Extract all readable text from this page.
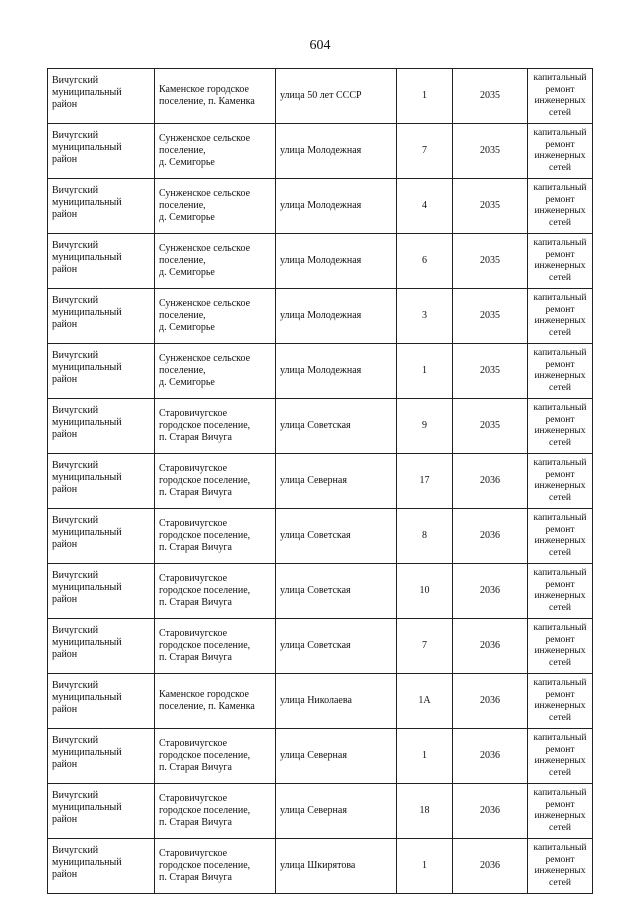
604
Вичугский
муниципальный
район	Каменское городское
поселение, п. Каменка	улица 50 лет СССР	1	2035	капитальный
ремонт
инженерных
сетей
Вичугский
муниципальный
район	Сунженское сельское
поселение,
д. Семигорье	улица Молодежная	7	2035	капитальный
ремонт
инженерных
сетей
Вичугский
муниципальный
район	Сунженское сельское
поселение,
д. Семигорье	улица Молодежная	4	2035	капитальный
ремонт
инженерных
сетей
Вичугский
муниципальный
район	Сунженское сельское
поселение,
д. Семигорье	улица Молодежная	6	2035	капитальный
ремонт
инженерных
сетей
Вичугский
муниципальный
район	Сунженское сельское
поселение,
д. Семигорье	улица Молодежная	3	2035	капитальный
ремонт
инженерных
сетей
Вичугский
муниципальный
район	Сунженское сельское
поселение,
д. Семигорье	улица Молодежная	1	2035	капитальный
ремонт
инженерных
сетей
Вичугский
муниципальный
район	Старовичугское
городское поселение,
п. Старая Вичуга	улица Советская	9	2035	капитальный
ремонт
инженерных
сетей
Вичугский
муниципальный
район	Старовичугское
городское поселение,
п. Старая Вичуга	улица Северная	17	2036	капитальный
ремонт
инженерных
сетей
Вичугский
муниципальный
район	Старовичугское
городское поселение,
п. Старая Вичуга	улица Советская	8	2036	капитальный
ремонт
инженерных
сетей
Вичугский
муниципальный
район	Старовичугское
городское поселение,
п. Старая Вичуга	улица Советская	10	2036	капитальный
ремонт
инженерных
сетей
Вичугский
муниципальный
район	Старовичугское
городское поселение,
п. Старая Вичуга	улица Советская	7	2036	капитальный
ремонт
инженерных
сетей
Вичугский
муниципальный
район	Каменское городское
поселение, п. Каменка	улица Николаева	1А	2036	капитальный
ремонт
инженерных
сетей
Вичугский
муниципальный
район	Старовичугское
городское поселение,
п. Старая Вичуга	улица Северная	1	2036	капитальный
ремонт
инженерных
сетей
Вичугский
муниципальный
район	Старовичугское
городское поселение,
п. Старая Вичуга	улица Северная	18	2036	капитальный
ремонт
инженерных
сетей
Вичугский
муниципальный
район	Старовичугское
городское поселение,
п. Старая Вичуга	улица Шкирятова	1	2036	капитальный
ремонт
инженерных
сетей
